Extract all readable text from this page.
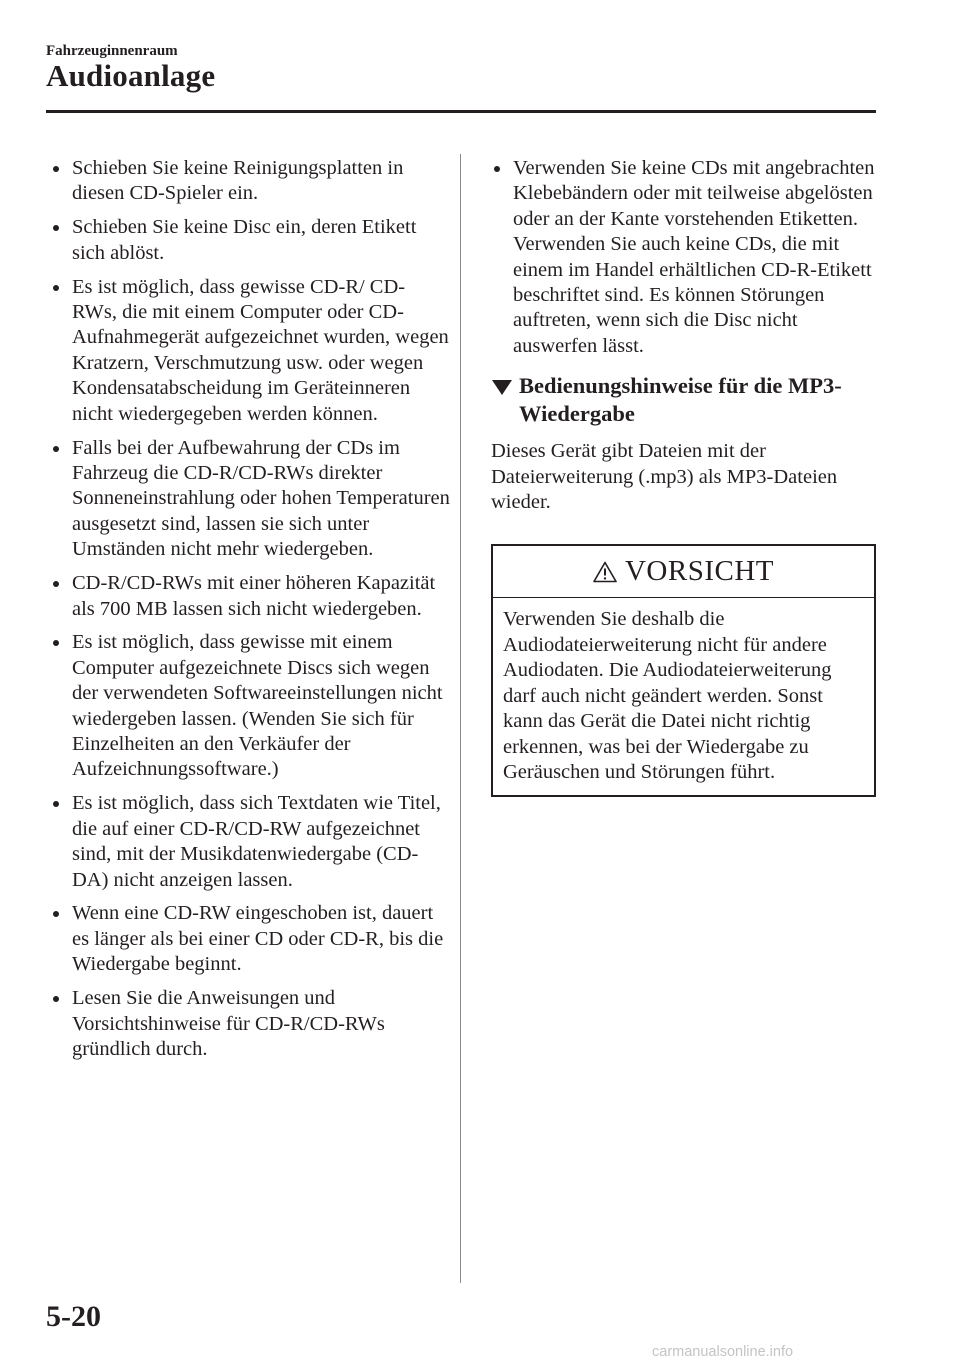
Fahrzeuginnenraum
Audioanlage
Schieben Sie keine Reinigungsplatten in diesen CD-Spieler ein.
Schieben Sie keine Disc ein, deren Etikett sich ablöst.
Es ist möglich, dass gewisse CD-R/ CD-RWs, die mit einem Computer oder CD-Aufnahmegerät aufgezeichnet wurden, wegen Kratzern, Verschmutzung usw. oder wegen Kondensatabscheidung im Geräteinneren nicht wiedergegeben werden können.
Falls bei der Aufbewahrung der CDs im Fahrzeug die CD-R/CD-RWs direkter Sonneneinstrahlung oder hohen Temperaturen ausgesetzt sind, lassen sie sich unter Umständen nicht mehr wiedergeben.
CD-R/CD-RWs mit einer höheren Kapazität als 700 MB lassen sich nicht wiedergeben.
Es ist möglich, dass gewisse mit einem Computer aufgezeichnete Discs sich wegen der verwendeten Softwareeinstellungen nicht wiedergeben lassen. (Wenden Sie sich für Einzelheiten an den Verkäufer der Aufzeichnungssoftware.)
Es ist möglich, dass sich Textdaten wie Titel, die auf einer CD-R/CD-RW aufgezeichnet sind, mit der Musikdatenwiedergabe (CD-DA) nicht anzeigen lassen.
Wenn eine CD-RW eingeschoben ist, dauert es länger als bei einer CD oder CD-R, bis die Wiedergabe beginnt.
Lesen Sie die Anweisungen und Vorsichtshinweise für CD-R/CD-RWs gründlich durch.
Verwenden Sie keine CDs mit angebrachten Klebebändern oder mit teilweise abgelösten oder an der Kante vorstehenden Etiketten. Verwenden Sie auch keine CDs, die mit einem im Handel erhältlichen CD-R-Etikett beschriftet sind. Es können Störungen auftreten, wenn sich die Disc nicht auswerfen lässt.
Bedienungshinweise für die MP3-Wiedergabe
Dieses Gerät gibt Dateien mit der Dateierweiterung (.mp3) als MP3-Dateien wieder.
VORSICHT
Verwenden Sie deshalb die Audiodateierweiterung nicht für andere Audiodaten. Die Audiodateierweiterung darf auch nicht geändert werden. Sonst kann das Gerät die Datei nicht richtig erkennen, was bei der Wiedergabe zu Geräuschen und Störungen führt.
5-20
carmanualsonline.info
